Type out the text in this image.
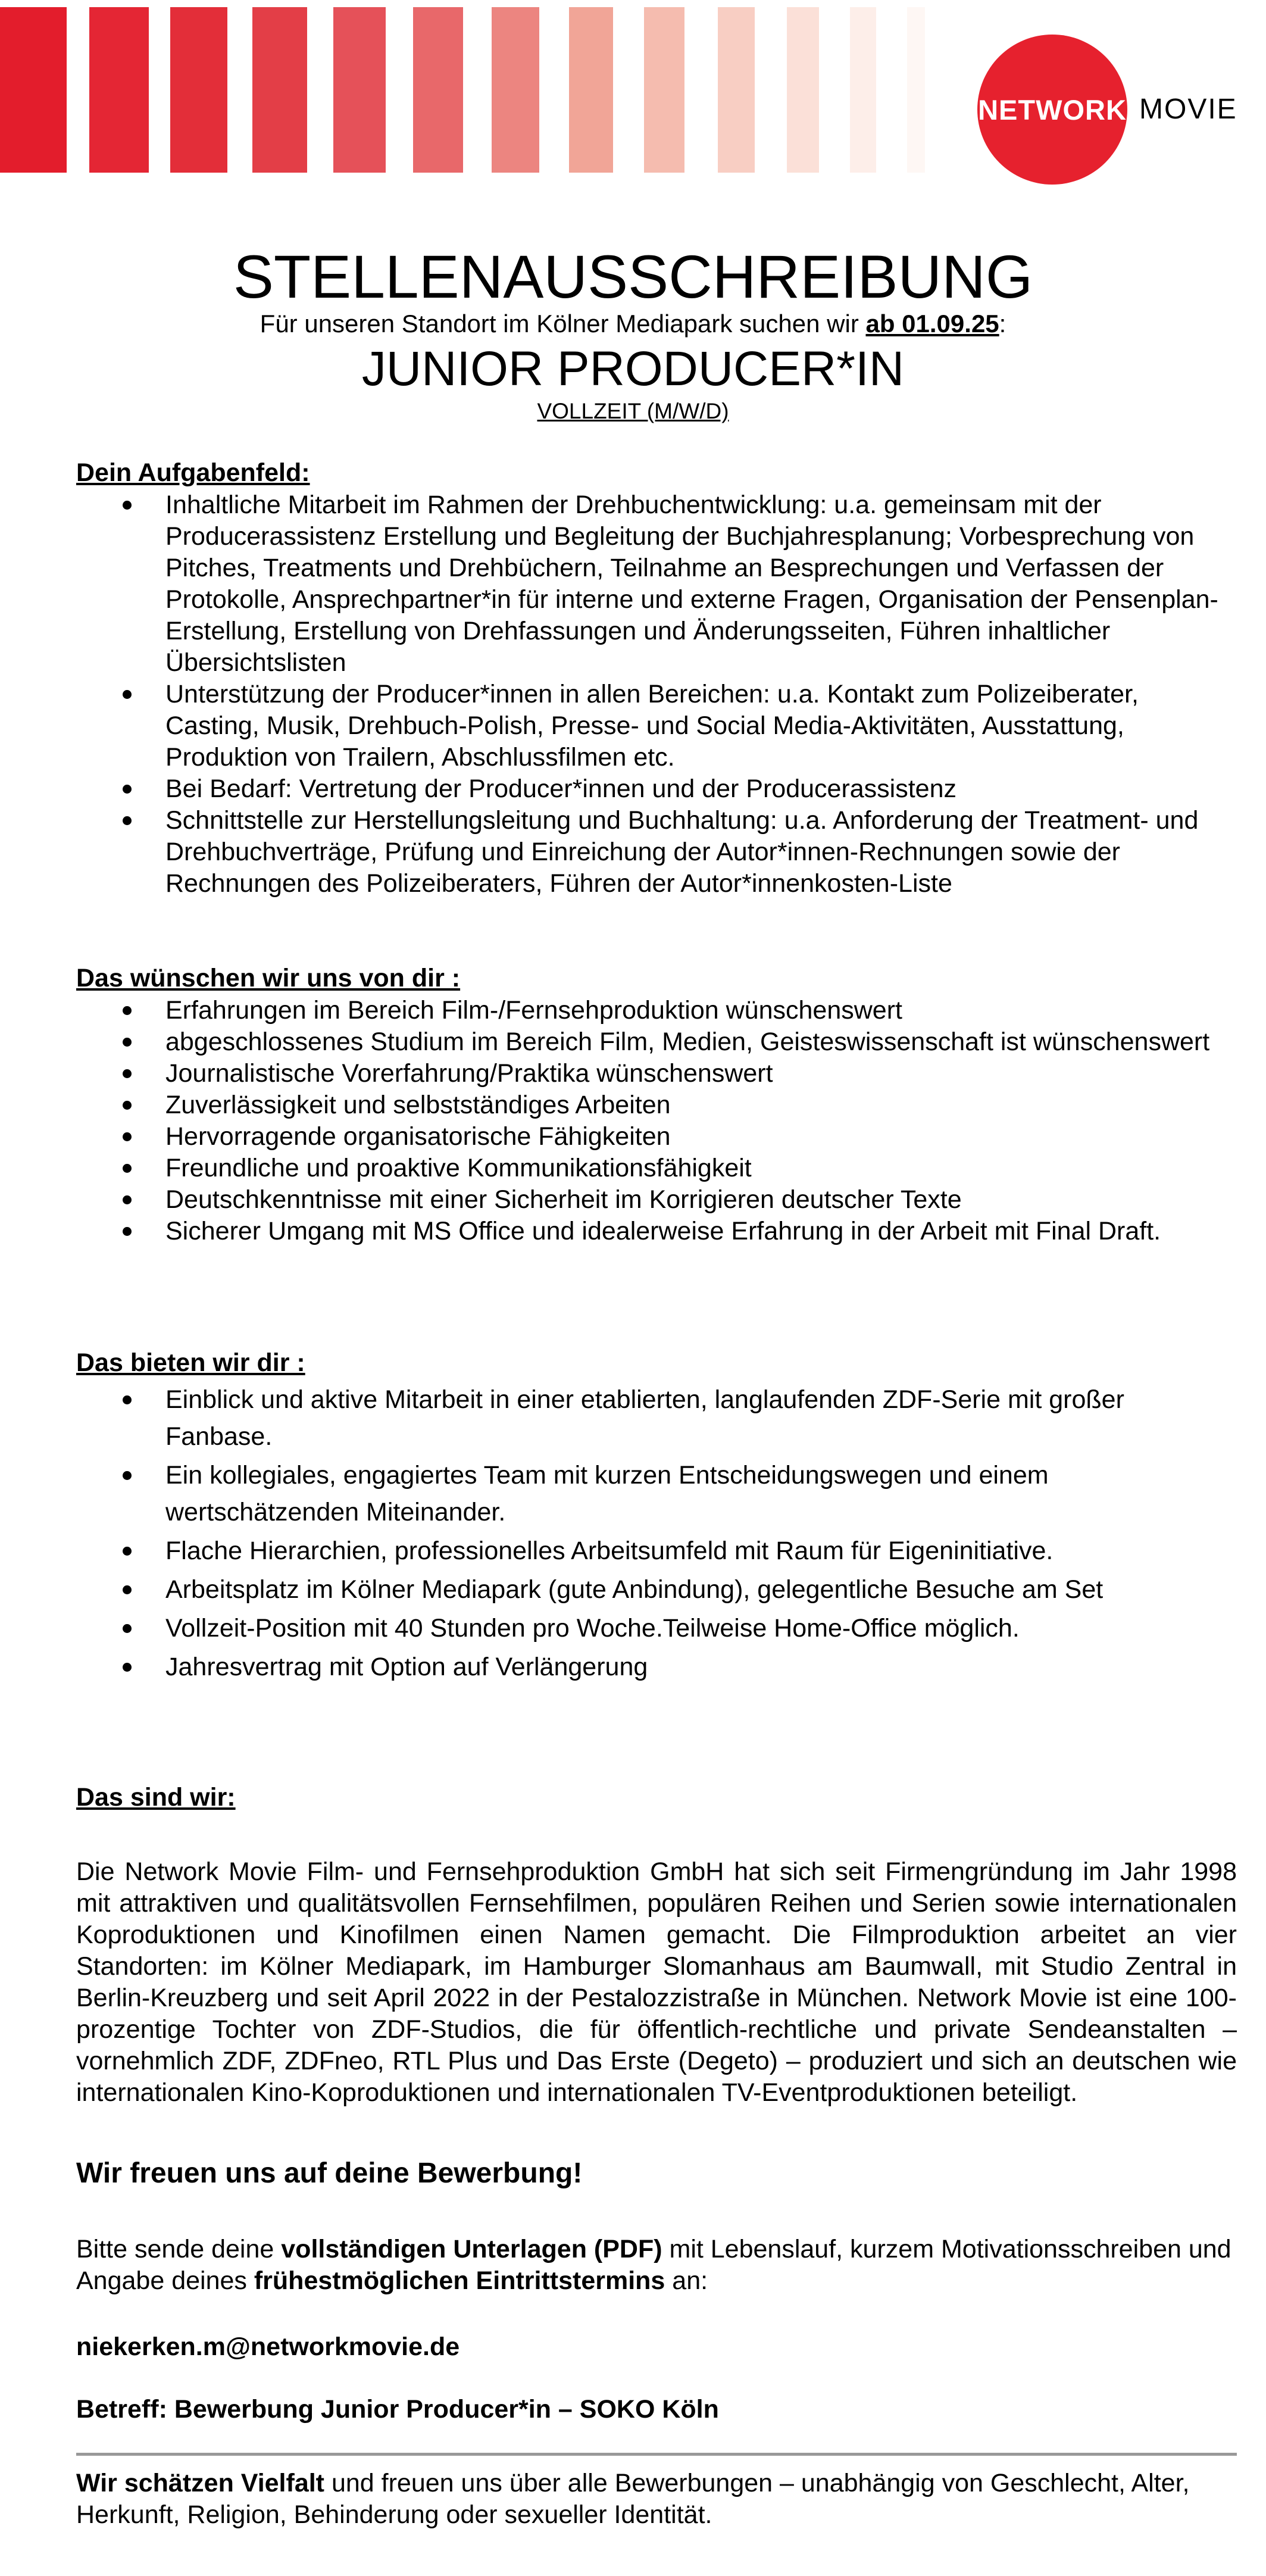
NETWORK MOVIE
STELLENAUSSCHREIBUNG
Für unseren Standort im Kölner Mediapark suchen wir ab 01.09.25:
JUNIOR PRODUCER*IN
VOLLZEIT (M/W/D)
Dein Aufgabenfeld:
Inhaltliche Mitarbeit im Rahmen der Drehbuchentwicklung: u.a. gemeinsam mit der Producerassistenz Erstellung und Begleitung der Buchjahresplanung; Vorbesprechung von Pitches, Treatments und Drehbüchern, Teilnahme an Besprechungen und Verfassen der Protokolle, Ansprechpartner*in für interne und externe Fragen, Organisation der Pensenplan-Erstellung, Erstellung von Drehfassungen und Änderungsseiten, Führen inhaltlicher Übersichtslisten
Unterstützung der Producer*innen in allen Bereichen: u.a. Kontakt zum Polizeiberater, Casting, Musik, Drehbuch-Polish, Presse- und Social Media-Aktivitäten, Ausstattung, Produktion von Trailern, Abschlussfilmen etc.
Bei Bedarf: Vertretung der Producer*innen und der Producerassistenz
Schnittstelle zur Herstellungsleitung und Buchhaltung: u.a. Anforderung der Treatment- und Drehbuchverträge, Prüfung und Einreichung der Autor*innen-Rechnungen sowie der Rechnungen des Polizeiberaters, Führen der Autor*innenkosten-Liste
Das wünschen wir uns von dir :
Erfahrungen im Bereich Film-/Fernsehproduktion wünschenswert
abgeschlossenes Studium im Bereich Film, Medien, Geisteswissenschaft ist wünschenswert
Journalistische Vorerfahrung/Praktika wünschenswert
Zuverlässigkeit und selbstständiges Arbeiten
Hervorragende organisatorische Fähigkeiten
Freundliche und proaktive Kommunikationsfähigkeit
Deutschkenntnisse mit einer Sicherheit im Korrigieren deutscher Texte
Sicherer Umgang mit MS Office und idealerweise Erfahrung in der Arbeit mit Final Draft.
Das bieten wir dir :
Einblick und aktive Mitarbeit in einer etablierten, langlaufenden ZDF-Serie mit großer Fanbase.
Ein kollegiales, engagiertes Team mit kurzen Entscheidungswegen und einem wertschätzenden Miteinander.
Flache Hierarchien, professionelles Arbeitsumfeld mit Raum für Eigeninitiative.
Arbeitsplatz im Kölner Mediapark (gute Anbindung), gelegentliche Besuche am Set
Vollzeit-Position mit 40 Stunden pro Woche.Teilweise Home-Office möglich.
Jahresvertrag mit Option auf Verlängerung
Das sind wir:
Die Network Movie Film- und Fernsehproduktion GmbH hat sich seit Firmengründung im Jahr 1998 mit attraktiven und qualitätsvollen Fernsehfilmen, populären Reihen und Serien sowie internationalen Koproduktionen und Kinofilmen einen Namen gemacht. Die Filmproduktion arbeitet an vier Standorten: im Kölner Mediapark, im Hamburger Slomanhaus am Baumwall, mit Studio Zentral in Berlin-Kreuzberg und seit April 2022 in der Pestalozzistraße in München. Network Movie ist eine 100-prozentige Tochter von ZDF-Studios, die für öffentlich-rechtliche und private Sendeanstalten – vornehmlich ZDF, ZDFneo, RTL Plus und Das Erste (Degeto) – produziert und sich an deutschen wie internationalen Kino-Koproduktionen und internationalen TV-Eventproduktionen beteiligt.
Wir freuen uns auf deine Bewerbung!
Bitte sende deine vollständigen Unterlagen (PDF) mit Lebenslauf, kurzem Motivationsschreiben und Angabe deines frühestmöglichen Eintrittstermins an:
niekerken.m@networkmovie.de
Betreff: Bewerbung Junior Producer*in – SOKO Köln
Wir schätzen Vielfalt und freuen uns über alle Bewerbungen – unabhängig von Geschlecht, Alter, Herkunft, Religion, Behinderung oder sexueller Identität.
